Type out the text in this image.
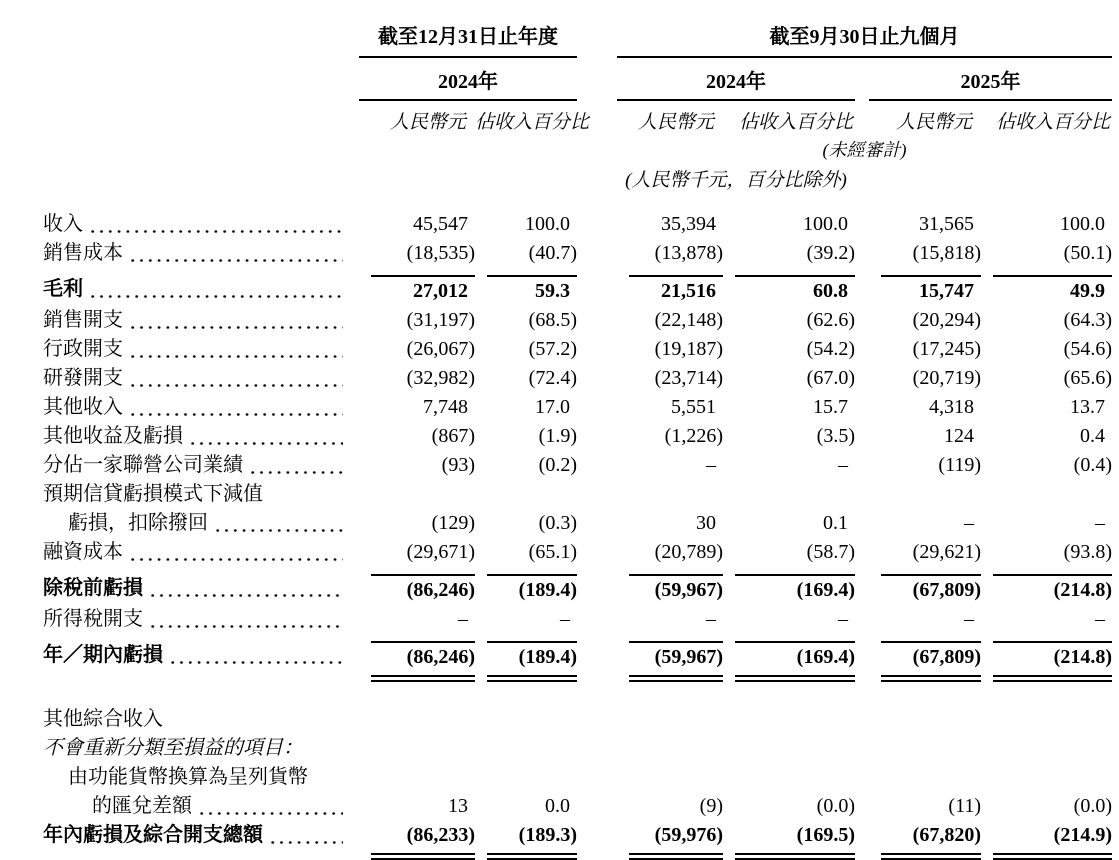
	截至12月31日止年度			截至9月30日止九個月				
	2024年			2024年			2025年	
	人民幣元	佔收入百分比		人民幣元	佔收入百分比		人民幣元	佔收入百分比
				(未經審計)				
				(人民幣千元，百分比除外)				

收入	45,547	100.0		35,394	100.0		31,565	100.0

銷售成本	(18,535)	(40.7)		(13,878)	(39.2)		(15,818)	(50.1)

毛利	27,012	59.3		21,516	60.8		15,747	49.9

銷售開支	(31,197)	(68.5)		(22,148)	(62.6)		(20,294)	(64.3)

行政開支	(26,067)	(57.2)		(19,187)	(54.2)		(17,245)	(54.6)

研發開支	(32,982)	(72.4)		(23,714)	(67.0)		(20,719)	(65.6)

其他收入	7,748	17.0		5,551	15.7		4,318	13.7

其他收益及虧損	(867)	(1.9)		(1,226)	(3.5)		124	0.4

分佔一家聯營公司業績	(93)	(0.2)		–	–		(119)	(0.4)

預期信貸虧損模式下減值

虧損，扣除撥回	(129)	(0.3)		30	0.1		–	–

融資成本	(29,671)	(65.1)		(20,789)	(58.7)		(29,621)	(93.8)

除稅前虧損	(86,246)	(189.4)		(59,967)	(169.4)		(67,809)	(214.8)

所得稅開支	–	–		–	–		–	–

年／期內虧損	(86,246)	(189.4)		(59,967)	(169.4)		(67,809)	(214.8)

其他綜合收入

不會重新分類至損益的項目：

由功能貨幣換算為呈列貨幣

的匯兌差額	13	0.0		(9)	(0.0)		(11)	(0.0)

年內虧損及綜合開支總額	(86,233)	(189.3)		(59,976)	(169.5)		(67,820)	(214.9)
